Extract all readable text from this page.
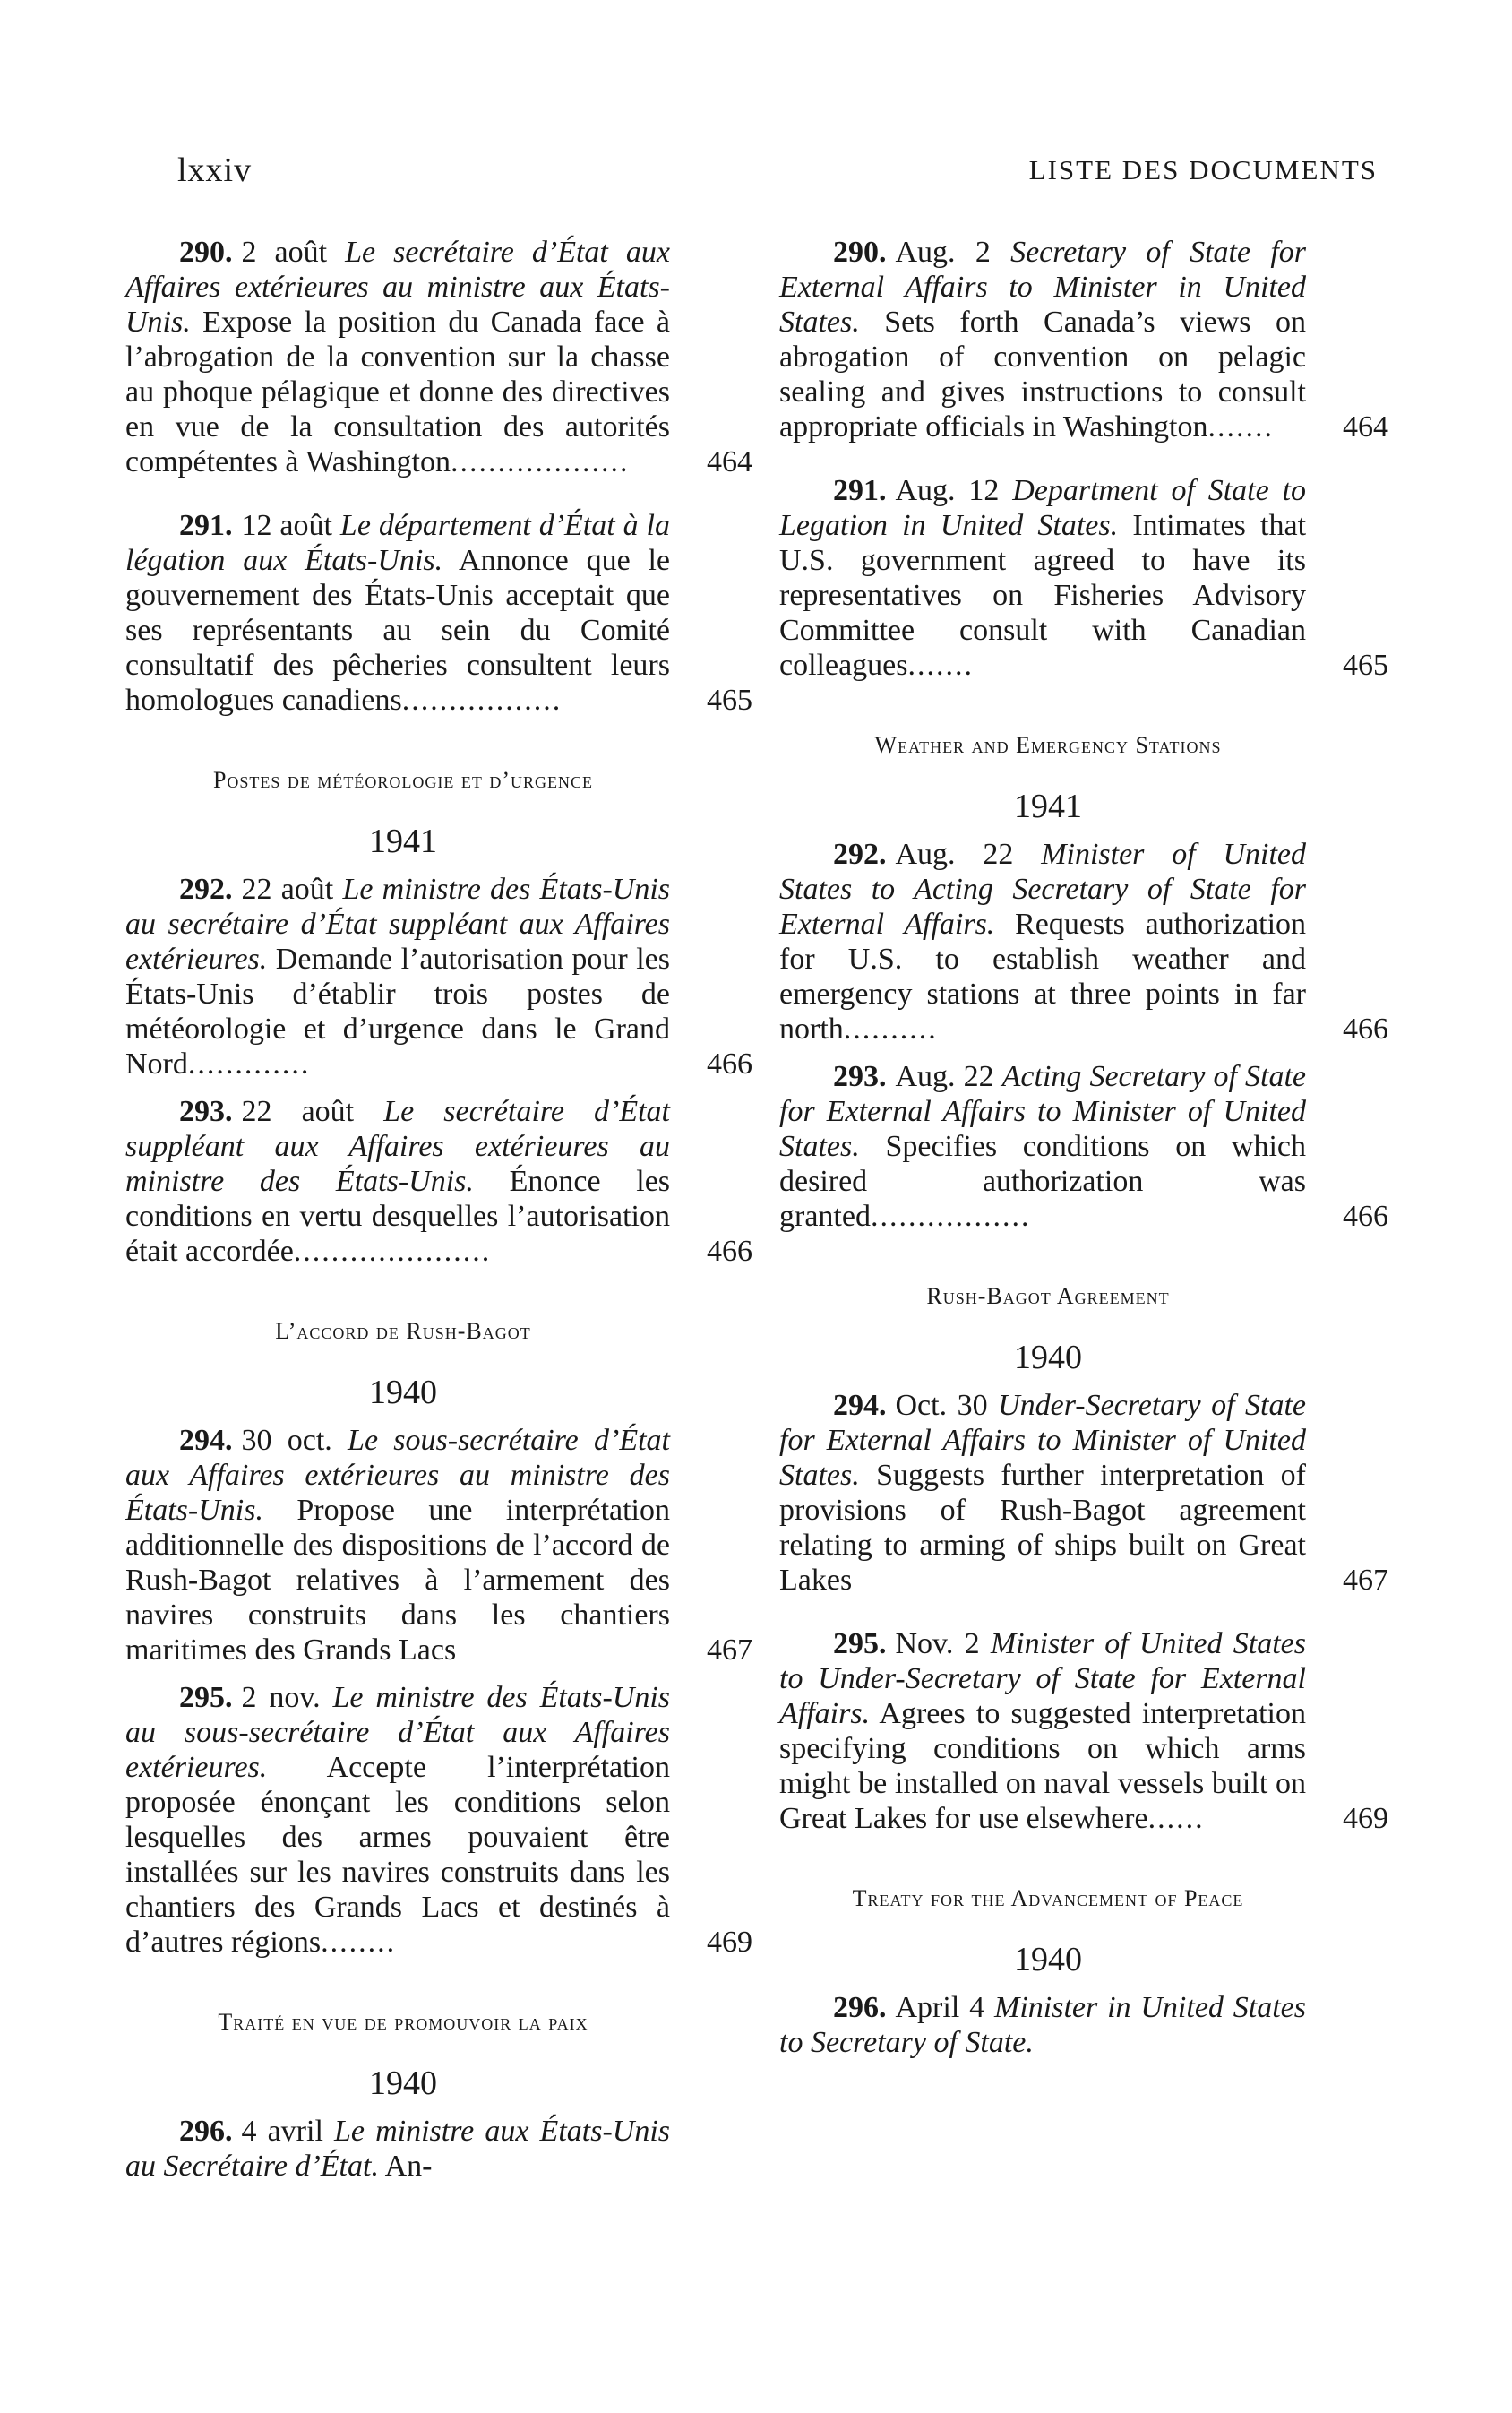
lxxiv	LISTE DES DOCUMENTS
290. 2 août Le secrétaire d’État aux Affaires extérieures au ministre aux États-Unis. Expose la position du Canada face à l’abrogation de la convention sur la chasse au phoque pélagique et donne des directives en vue de la consultation des autorités compétentes à Washington...................	464
291. 12 août Le département d’État à la légation aux États-Unis. Annonce que le gouvernement des États-Unis acceptait que ses représentants au sein du Comité consultatif des pêcheries consultent leurs homologues canadiens.................	465
Postes de météorologie et d’urgence
1941
292. 22 août Le ministre des États-Unis au secrétaire d’État suppléant aux Affaires extérieures. Demande l’autorisation pour les États-Unis d’établir trois postes de météorologie et d’urgence dans le Grand Nord.............	466
293. 22 août Le secrétaire d’État suppléant aux Affaires extérieures au ministre des États-Unis. Énonce les conditions en vertu desquelles l’autorisation était accordée.....................	466
L’accord de Rush-Bagot
1940
294. 30 oct. Le sous-secrétaire d’État aux Affaires extérieures au ministre des États-Unis. Propose une interprétation additionnelle des dispositions de l’accord de Rush-Bagot relatives à l’armement des navires construits dans les chantiers maritimes des Grands Lacs	467
295. 2 nov. Le ministre des États-Unis au sous-secrétaire d’État aux Affaires extérieures. Accepte l’interprétation proposée énonçant les conditions selon lesquelles des armes pouvaient être installées sur les navires construits dans les chantiers des Grands Lacs et destinés à d’autres régions........	469
Traité en vue de promouvoir la paix
1940
296. 4 avril Le ministre aux États-Unis au Secrétaire d’État. An-
290. Aug. 2 Secretary of State for External Affairs to Minister in United States. Sets forth Canada’s views on abrogation of convention on pelagic sealing and gives instructions to consult appropriate officials in Washington.......	464
291. Aug. 12 Department of State to Legation in United States. Intimates that U.S. government agreed to have its representatives on Fisheries Advisory Committee consult with Canadian colleagues.......	465
Weather and Emergency Stations
1941
292. Aug. 22 Minister of United States to Acting Secretary of State for External Affairs. Requests authorization for U.S. to establish weather and emergency stations at three points in far north..........	466
293. Aug. 22 Acting Secretary of State for External Affairs to Minister of United States. Specifies conditions on which desired authorization was granted.................	466
Rush-Bagot Agreement
1940
294. Oct. 30 Under-Secretary of State for External Affairs to Minister of United States. Suggests further interpretation of provisions of Rush-Bagot agreement relating to arming of ships built on Great Lakes	467
295. Nov. 2 Minister of United States to Under-Secretary of State for External Affairs. Agrees to suggested interpretation specifying conditions on which arms might be installed on naval vessels built on Great Lakes for use elsewhere......	469
Treaty for the Advancement of Peace
1940
296. April 4 Minister in United States to Secretary of State.
